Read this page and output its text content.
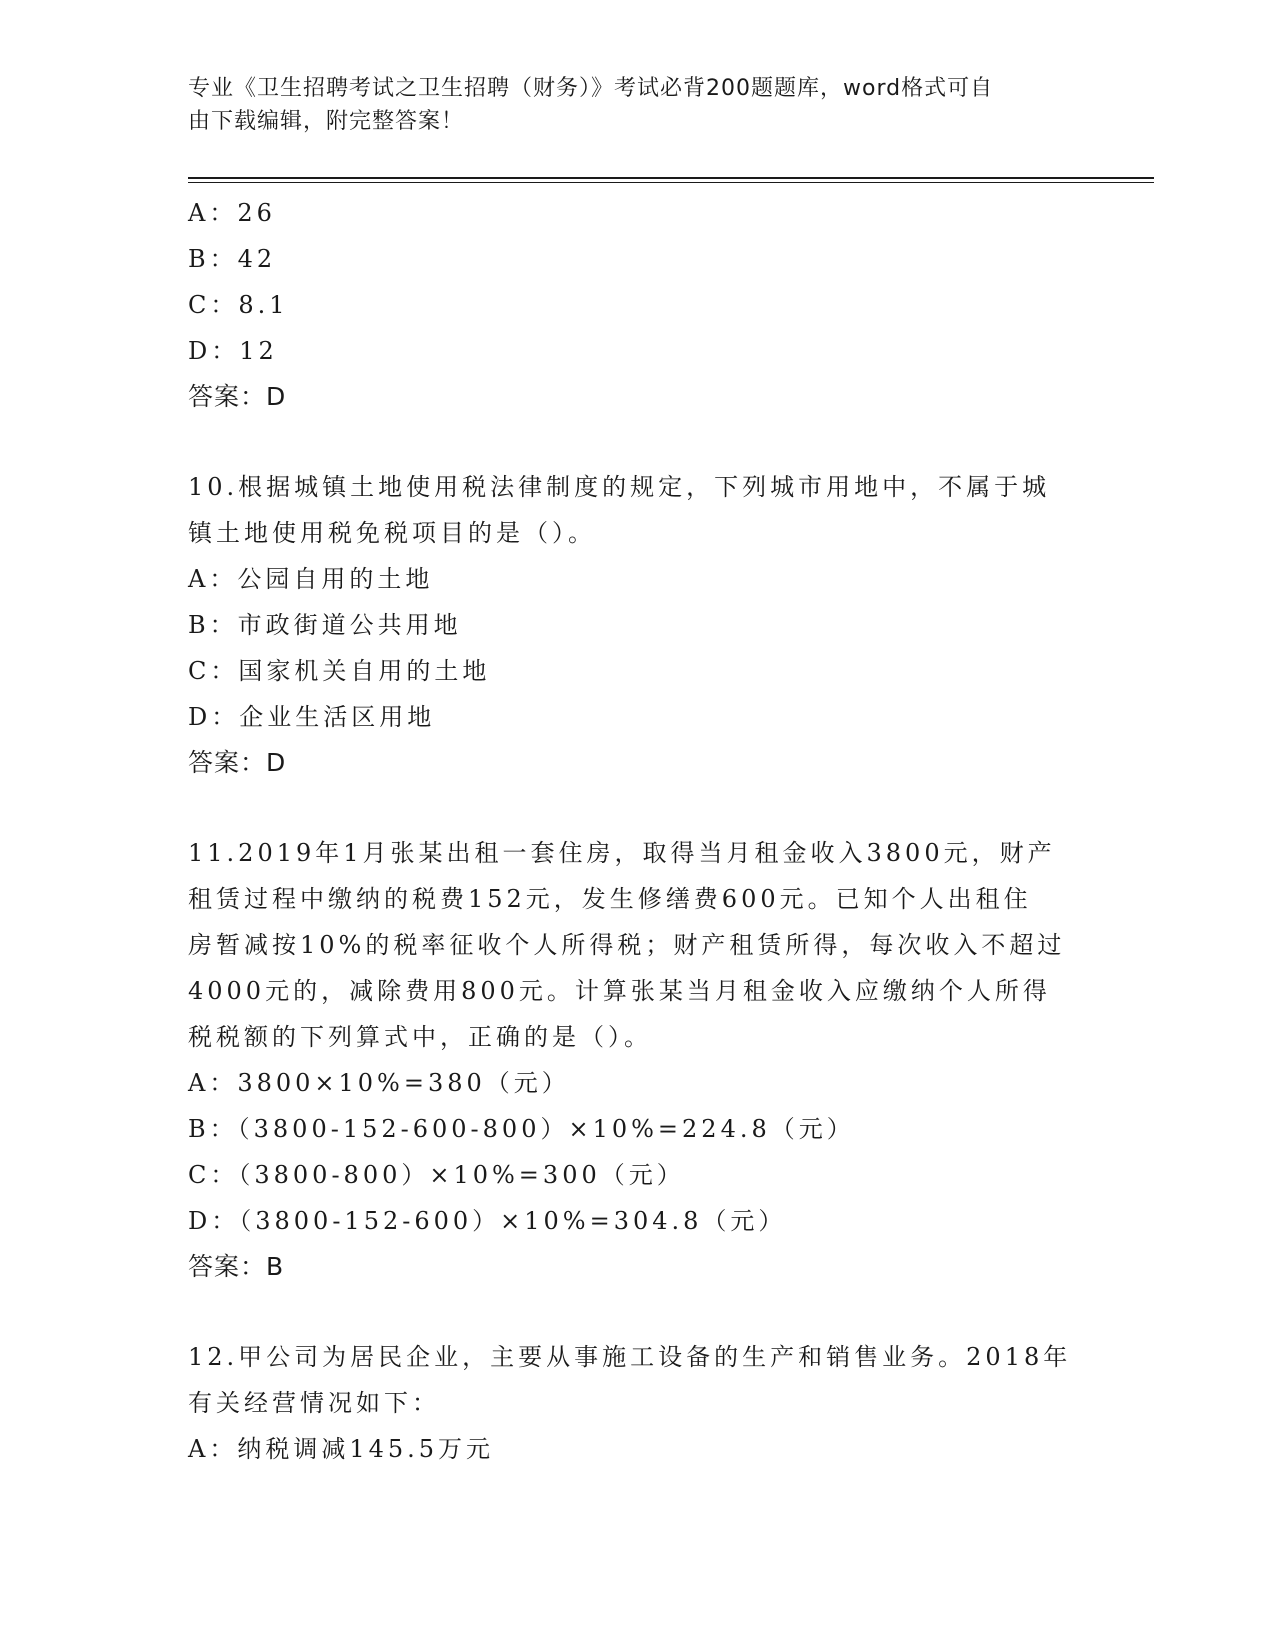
专业《卫生招聘考试之卫生招聘（财务）》考试必背200题题库，word格式可自
由下载编辑，附完整答案！
A：26
B：42
C：8.1
D：12
答案：D
10.根据城镇土地使用税法律制度的规定，下列城市用地中，不属于城
镇土地使用税免税项目的是（）。
A：公园自用的土地
B：市政街道公共用地
C：国家机关自用的土地
D：企业生活区用地
答案：D
11.2019年1月张某出租一套住房，取得当月租金收入3800元，财产
租赁过程中缴纳的税费152元，发生修缮费600元。已知个人出租住
房暂减按10%的税率征收个人所得税；财产租赁所得，每次收入不超过
4000元的，减除费用800元。计算张某当月租金收入应缴纳个人所得
税税额的下列算式中，正确的是（）。
A：3800×10%=380（元）
B：（3800-152-600-800）×10%=224.8（元）
C：（3800-800）×10%=300（元）
D：（3800-152-600）×10%=304.8（元）
答案：B
12.甲公司为居民企业，主要从事施工设备的生产和销售业务。2018年
有关经营情况如下：
A：纳税调减145.5万元
